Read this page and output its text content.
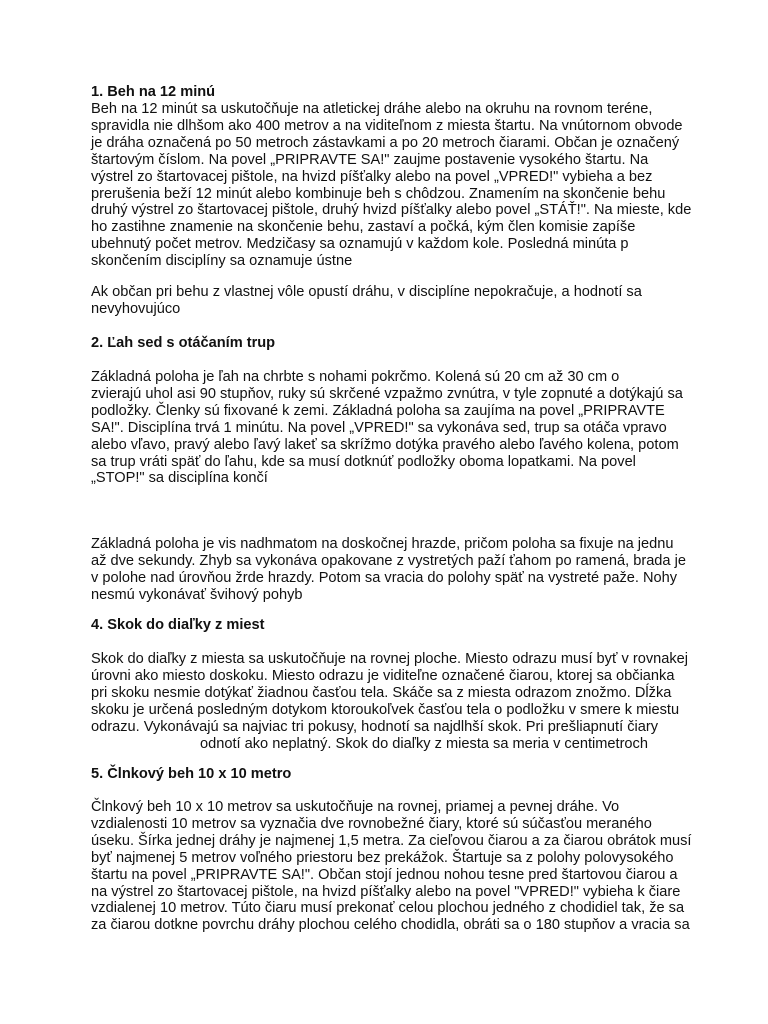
1. Beh na 12 minú

Beh na 12 minút sa uskutočňuje na atletickej dráhe alebo na okruhu na rovnom teréne,
spravidla nie dlhšom ako 400 metrov a na viditeľnom z miesta štartu. Na vnútornom obvode
je dráha označená po 50 metroch zástavkami a po 20 metroch čiarami. Občan je označený
štartovým číslom. Na povel „PRIPRAVTE SA!" zaujme postavenie vysokého štartu. Na
výstrel zo štartovacej pištole, na hvizd píšťalky alebo na povel „VPRED!" vybieha a bez
prerušenia beží 12 minút alebo kombinuje beh s chôdzou. Znamením na skončenie behu
druhý výstrel zo štartovacej pištole, druhý hvizd píšťalky alebo povel „STÁŤ!". Na mieste, kde
ho zastihne znamenie na skončenie behu, zastaví a počká, kým člen komisie zapíše
ubehnutý počet metrov. Medzičasy sa oznamujú v každom kole. Posledná minúta p
skončením disciplíny sa oznamuje ústne
Ak občan pri behu z vlastnej vôle opustí dráhu, v disciplíne nepokračuje, a hodnotí sa
nevyhovujúco

2. Ľah sed s otáčaním trup

Základná poloha je ľah na chrbte s nohami pokrčmo. Kolená sú 20 cm až 30 cm o
zvierajú uhol asi 90 stupňov, ruky sú skrčené vzpažmo zvnútra, v tyle zopnuté a dotýkajú sa
podložky. Členky sú fixované k zemi. Základná poloha sa zaujíma na povel „PRIPRAVTE
SA!". Disciplína trvá 1 minútu. Na povel „VPRED!" sa vykonáva sed, trup sa otáča vpravo
alebo vľavo, pravý alebo ľavý lakeť sa skrížmo dotýka pravého alebo ľavého kolena, potom
sa trup vráti späť do ľahu, kde sa musí dotknúť podložky oboma lopatkami. Na povel
„STOP!" sa disciplína končí
Základná poloha je vis nadhmatom na doskočnej hrazde, pričom poloha sa fixuje na jednu
až dve sekundy. Zhyb sa vykonáva opakovane z vystretých paží ťahom po ramená, brada je
v polohe nad úrovňou žrde hrazdy. Potom sa vracia do polohy späť na vystreté paže. Nohy
nesmú vykonávať švihový pohyb

4. Skok do diaľky z miest

Skok do diaľky z miesta sa uskutočňuje na rovnej ploche. Miesto odrazu musí byť v rovnakej
úrovni ako miesto doskoku. Miesto odrazu je viditeľne označené čiarou, ktorej sa občianka
pri skoku nesmie dotýkať žiadnou časťou tela. Skáče sa z miesta odrazom znožmo. Dĺžka
skoku je určená posledným dotykom ktoroukoľvek časťou tela o podložku v smere k miestu
odrazu. Vykonávajú sa najviac tri pokusy, hodnotí sa najdlhší skok. Pri prešliapnutí čiary
odnotí ako neplatný. Skok do diaľky z miesta sa meria v centimetroch

5. Člnkový beh 10 x 10 metro

Člnkový beh 10 x 10 metrov sa uskutočňuje na rovnej, priamej a pevnej dráhe. Vo
vzdialenosti 10 metrov sa vyznačia dve rovnobežné čiary, ktoré sú súčasťou meraného
úseku. Šírka jednej dráhy je najmenej 1,5 metra. Za cieľovou čiarou a za čiarou obrátok musí
byť najmenej 5 metrov voľného priestoru bez prekážok. Štartuje sa z polohy polovysokého
štartu na povel „PRIPRAVTE SA!". Občan stojí jednou nohou tesne pred štartovou čiarou a
na výstrel zo štartovacej pištole, na hvizd píšťalky alebo na povel "VPRED!" vybieha k čiare
vzdialenej 10 metrov. Túto čiaru musí prekonať celou plochou jedného z chodidiel tak, že sa
za čiarou dotkne povrchu dráhy plochou celého chodidla, obráti sa o 180 stupňov a vracia sa
